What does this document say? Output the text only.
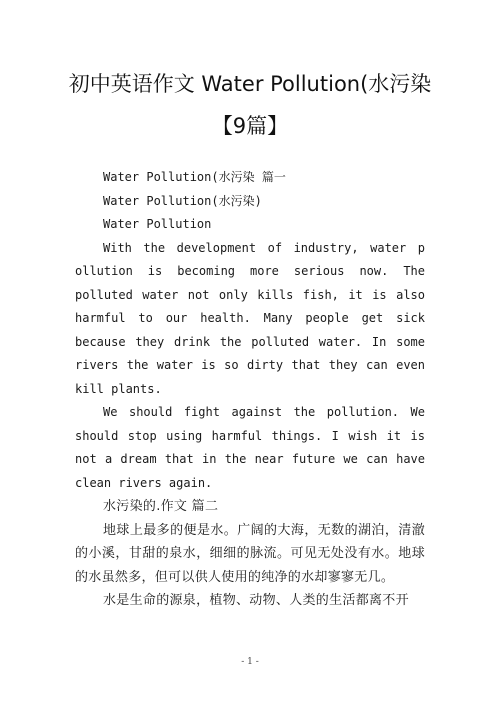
初中英语作文 Water Pollution(水污染
【9篇】

Water Pollution(水污染 篇一

Water Pollution(水污染)

Water Pollution

With the development of industry, water p ollution is becoming more serious now. The polluted water not only kills fish, it is also harmful to our health. Many people get sick because they drink the polluted water. In some rivers the water is so dirty that they can even kill plants.

We should fight against the pollution. We should stop using harmful things. I wish it is not a dream that in the near future we can have clean rivers again.

水污染的.作文 篇二

地球上最多的便是水。广阔的大海，无数的湖泊，清澈的小溪，甘甜的泉水，细细的脉流。可见无处没有水。地球的水虽然多，但可以供人使用的纯净的水却寥寥无几。

水是生命的源泉，植物、动物、人类的生活都离不开

- 1 -
